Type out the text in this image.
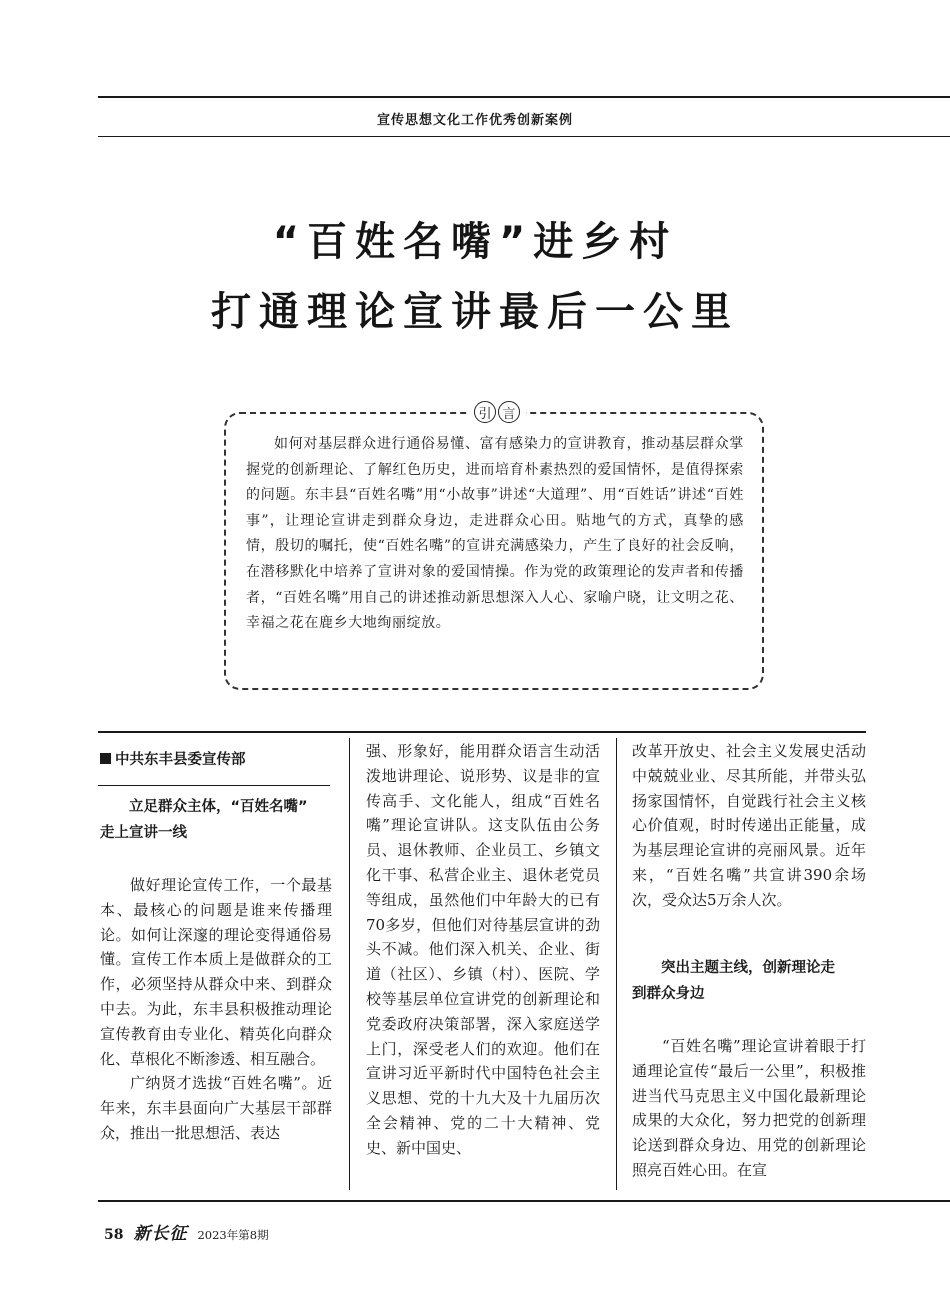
宣传思想文化工作优秀创新案例
“百姓名嘴”进乡村
打通理论宣讲最后一公里
引 言

如何对基层群众进行通俗易懂、富有感染力的宣讲教育，推动基层群众掌握党的创新理论、了解红色历史，进而培育朴素热烈的爱国情怀，是值得探索的问题。东丰县“百姓名嘴”用“小故事”讲述“大道理”、用“百姓话”讲述“百姓事”，让理论宣讲走到群众身边，走进群众心田。贴地气的方式，真挚的感情，殷切的嘱托，使“百姓名嘴”的宣讲充满感染力，产生了良好的社会反响，在潜移默化中培养了宣讲对象的爱国情操。作为党的政策理论的发声者和传播者，“百姓名嘴”用自己的讲述推动新思想深入人心、家喻户晓，让文明之花、幸福之花在鹿乡大地绚丽绽放。

中共东丰县委宣传部
立足群众主体，“百姓名嘴”
走上宣讲一线

做好理论宣传工作，一个最基本、最核心的问题是谁来传播理论。如何让深邃的理论变得通俗易懂。宣传工作本质上是做群众的工作，必须坚持从群众中来、到群众中去。为此，东丰县积极推动理论宣传教育由专业化、精英化向群众化、草根化不断渗透、相互融合。

广纳贤才选拔“百姓名嘴”。近年来，东丰县面向广大基层干部群众，推出一批思想活、表达

强、形象好，能用群众语言生动活泼地讲理论、说形势、议是非的宣传高手、文化能人，组成“百姓名嘴”理论宣讲队。这支队伍由公务员、退休教师、企业员工、乡镇文化干事、私营企业主、退休老党员等组成，虽然他们中年龄大的已有70多岁，但他们对待基层宣讲的劲头不减。他们深入机关、企业、街道（社区）、乡镇（村）、医院、学校等基层单位宣讲党的创新理论和党委政府决策部署，深入家庭送学上门，深受老人们的欢迎。他们在宣讲习近平新时代中国特色社会主义思想、党的十九大及十九届历次全会精神、党的二十大精神、党史、新中国史、

改革开放史、社会主义发展史活动中兢兢业业、尽其所能，并带头弘扬家国情怀，自觉践行社会主义核心价值观，时时传递出正能量，成为基层理论宣讲的亮丽风景。近年来，“百姓名嘴”共宣讲390余场次，受众达5万余人次。

突出主题主线，创新理论走
到群众身边

“百姓名嘴”理论宣讲着眼于打通理论宣传“最后一公里”，积极推进当代马克思主义中国化最新理论成果的大众化，努力把党的创新理论送到群众身边、用党的创新理论照亮百姓心田。在宣

58 新长征 2023年第8期
